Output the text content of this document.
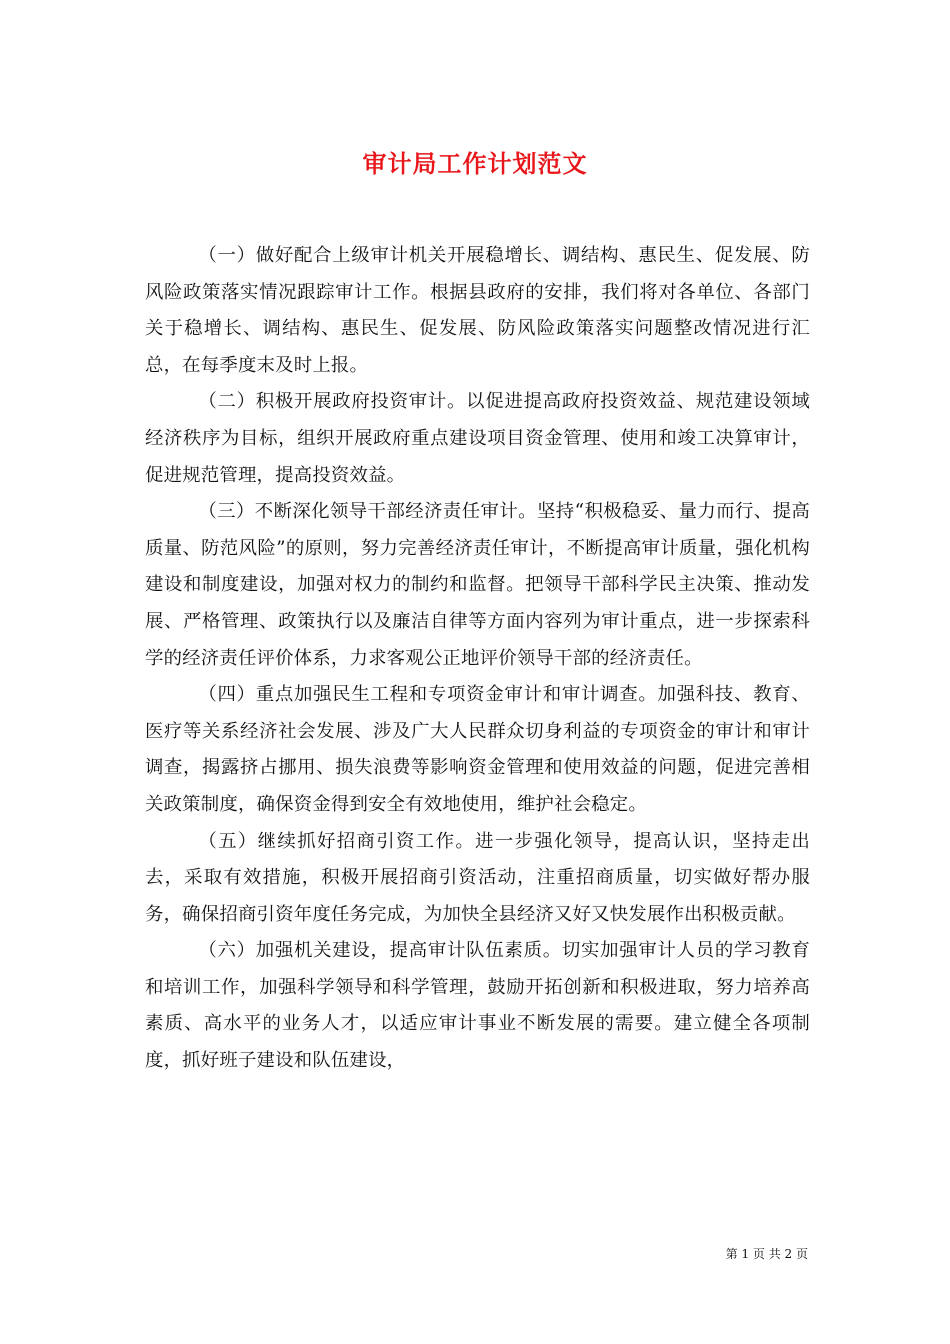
审计局工作计划范文

（一）做好配合上级审计机关开展稳增长、调结构、惠民生、促发展、防风险政策落实情况跟踪审计工作。根据县政府的安排，我们将对各单位、各部门关于稳增长、调结构、惠民生、促发展、防风险政策落实问题整改情况进行汇总，在每季度末及时上报。

（二）积极开展政府投资审计。以促进提高政府投资效益、规范建设领域经济秩序为目标，组织开展政府重点建设项目资金管理、使用和竣工决算审计，促进规范管理，提高投资效益。

（三）不断深化领导干部经济责任审计。坚持“积极稳妥、量力而行、提高质量、防范风险”的原则，努力完善经济责任审计，不断提高审计质量，强化机构建设和制度建设，加强对权力的制约和监督。把领导干部科学民主决策、推动发展、严格管理、政策执行以及廉洁自律等方面内容列为审计重点，进一步探索科学的经济责任评价体系，力求客观公正地评价领导干部的经济责任。

（四）重点加强民生工程和专项资金审计和审计调查。加强科技、教育、医疗等关系经济社会发展、涉及广大人民群众切身利益的专项资金的审计和审计调查，揭露挤占挪用、损失浪费等影响资金管理和使用效益的问题，促进完善相关政策制度，确保资金得到安全有效地使用，维护社会稳定。

（五）继续抓好招商引资工作。进一步强化领导，提高认识，坚持走出去，采取有效措施，积极开展招商引资活动，注重招商质量，切实做好帮办服务，确保招商引资年度任务完成，为加快全县经济又好又快发展作出积极贡献。

（六）加强机关建设，提高审计队伍素质。切实加强审计人员的学习教育和培训工作，加强科学领导和科学管理，鼓励开拓创新和积极进取，努力培养高素质、高水平的业务人才，以适应审计事业不断发展的需要。建立健全各项制度，抓好班子建设和队伍建设，

第 1 页 共 2 页
